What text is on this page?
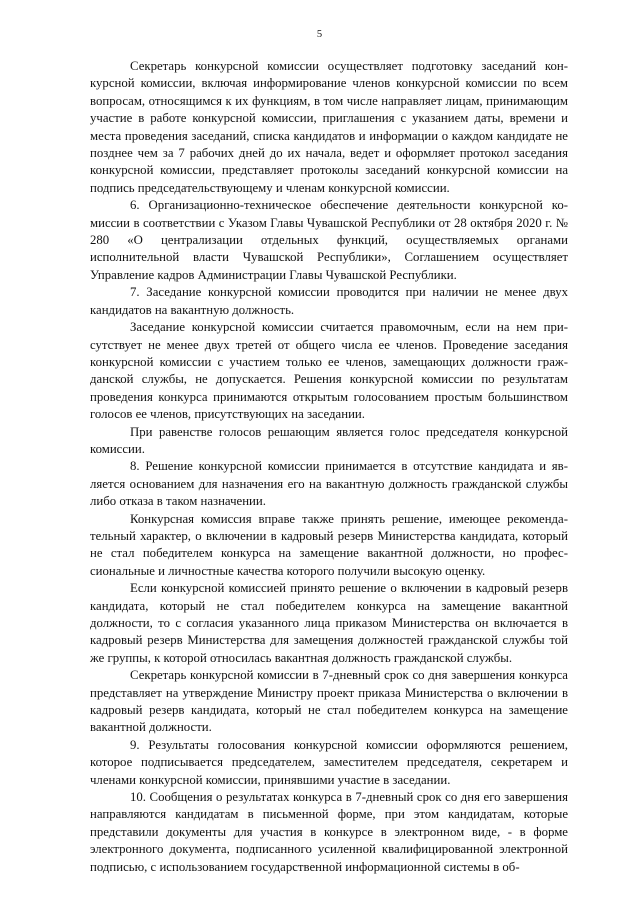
5

Секретарь конкурсной комиссии осуществляет подготовку заседаний конкурсной комиссии, включая информирование членов конкурсной комиссии по всем вопросам, относящимся к их функциям, в том числе направляет лицам, принимающим участие в работе конкурсной комиссии, приглашения с указанием даты, времени и места проведения заседаний, списка кандидатов и информации о каждом кандидате не позднее чем за 7 рабочих дней до их начала, ведет и оформляет протокол заседания конкурсной комиссии, представляет протоколы заседаний конкурсной комиссии на подпись председательствующему и членам конкурсной комиссии.

6. Организационно-техническое обеспечение деятельности конкурсной комиссии в соответствии с Указом Главы Чувашской Республики от 28 октября 2020 г. № 280 «О централизации отдельных функций, осуществляемых органами исполнительной власти Чувашской Республики», Соглашением осуществляет Управление кадров Администрации Главы Чувашской Республики.

7. Заседание конкурсной комиссии проводится при наличии не менее двух кандидатов на вакантную должность.

Заседание конкурсной комиссии считается правомочным, если на нем присутствует не менее двух третей от общего числа ее членов. Проведение заседания конкурсной комиссии с участием только ее членов, замещающих должности гражданской службы, не допускается. Решения конкурсной комиссии по результатам проведения конкурса принимаются открытым голосованием простым большинством голосов ее членов, присутствующих на заседании.

При равенстве голосов решающим является голос председателя конкурсной комиссии.

8. Решение конкурсной комиссии принимается в отсутствие кандидата и является основанием для назначения его на вакантную должность гражданской службы либо отказа в таком назначении.

Конкурсная комиссия вправе также принять решение, имеющее рекомендательный характер, о включении в кадровый резерв Министерства кандидата, который не стал победителем конкурса на замещение вакантной должности, но профессиональные и личностные качества которого получили высокую оценку.

Если конкурсной комиссией принято решение о включении в кадровый резерв кандидата, который не стал победителем конкурса на замещение вакантной должности, то с согласия указанного лица приказом Министерства он включается в кадровый резерв Министерства для замещения должностей гражданской службы той же группы, к которой относилась вакантная должность гражданской службы.

Секретарь конкурсной комиссии в 7-дневный срок со дня завершения конкурса представляет на утверждение Министру проект приказа Министерства о включении в кадровый резерв кандидата, который не стал победителем конкурса на замещение вакантной должности.

9. Результаты голосования конкурсной комиссии оформляются решением, которое подписывается председателем, заместителем председателя, секретарем и членами конкурсной комиссии, принявшими участие в заседании.

10. Сообщения о результатах конкурса в 7-дневный срок со дня его завершения направляются кандидатам в письменной форме, при этом кандидатам, которые представили документы для участия в конкурсе в электронном виде, - в форме электронного документа, подписанного усиленной квалифицированной электронной подписью, с использованием государственной информационной системы в об-
